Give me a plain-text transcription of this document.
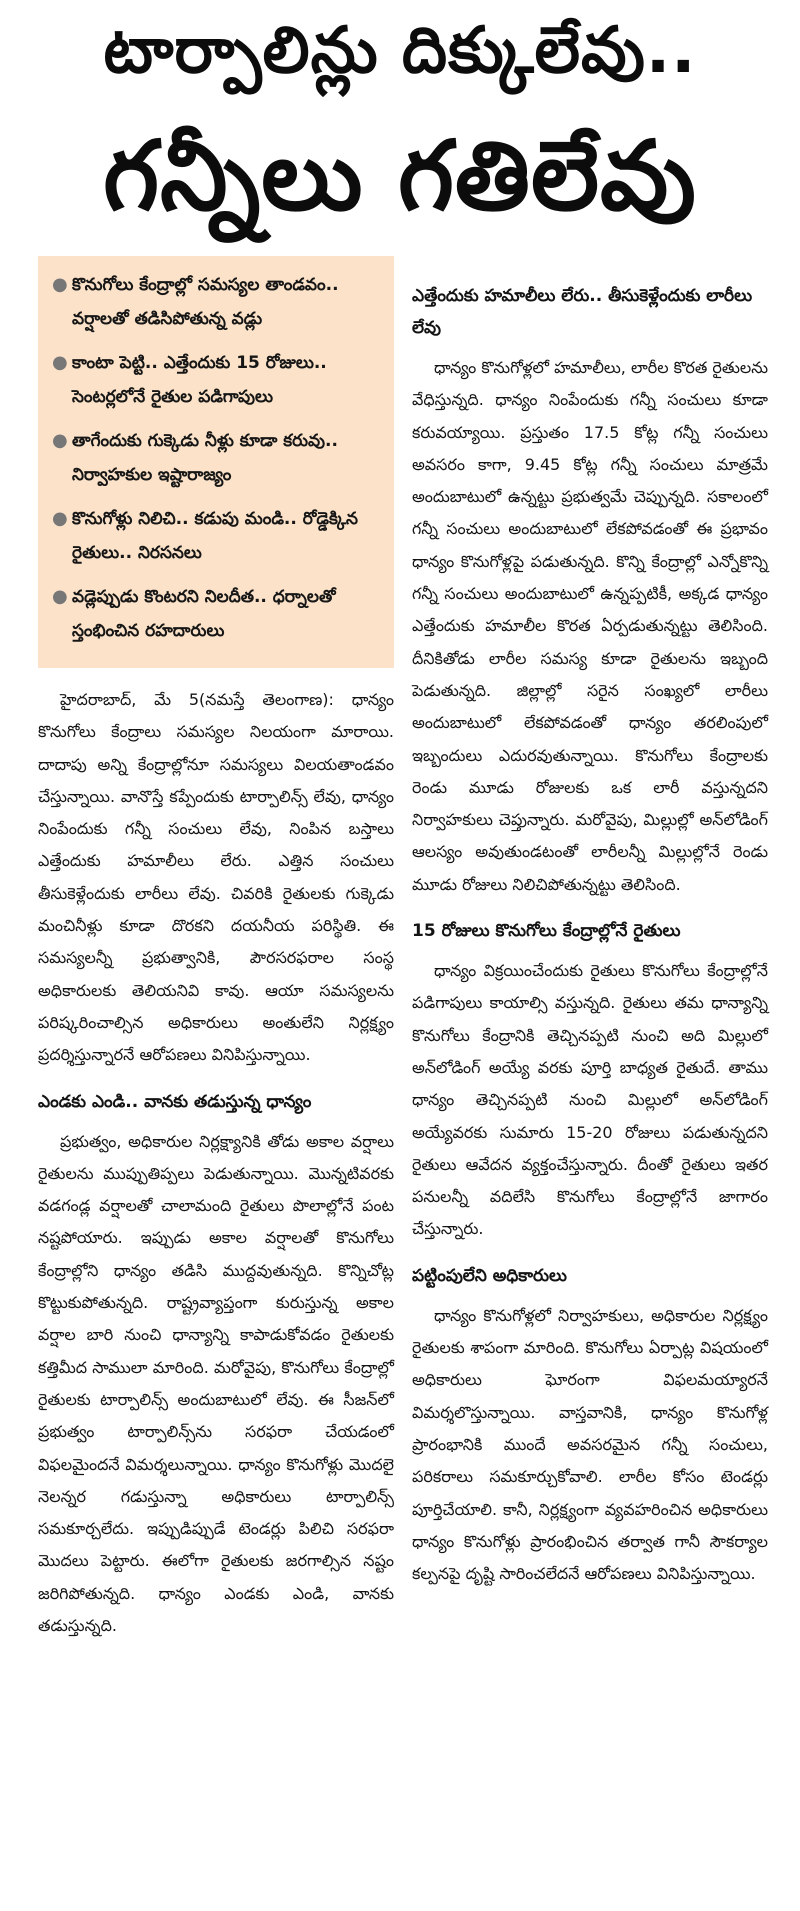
టార్పాలిన్లు దిక్కులేవు..
గన్నీలు గతిలేవు
● కొనుగోలు కేంద్రాల్లో సమస్యల తాండవం.. వర్షాలతో తడిసిపోతున్న వడ్లు
● కాంటా పెట్టి.. ఎత్తేందుకు 15 రోజులు.. సెంటర్లలోనే రైతుల పడిగాపులు
● తాగేందుకు గుక్కెడు నీళ్లు కూడా కరువు.. నిర్వాహకుల ఇష్టారాజ్యం
● కొనుగోళ్లు నిలిచి.. కడుపు మండి.. రోడ్డెక్కిన రైతులు.. నిరసనలు
● వడ్లెప్పుడు కొంటరని నిలదీత.. ధర్నాలతో స్తంభించిన రహదారులు

హైదరాబాద్, మే 5(నమస్తే తెలంగాణ): ధాన్యం కొనుగోలు కేంద్రాలు సమస్యల నిలయంగా మారాయి. దాదాపు అన్ని కేంద్రాల్లోనూ సమస్యలు విలయతాండవం చేస్తున్నాయి. వానొస్తే కప్పేందుకు టార్పాలిన్స్ లేవు, ధాన్యం నింపేందుకు గన్నీ సంచులు లేవు, నింపిన బస్తాలు ఎత్తేందుకు హమాలీలు లేరు. ఎత్తిన సంచులు తీసుకెళ్లేందుకు లారీలు లేవు. చివరికి రైతులకు గుక్కెడు మంచినీళ్లు కూడా దొరకని దయనీయ పరిస్థితి. ఈ సమస్యలన్నీ ప్రభుత్వానికి, పౌరసరఫరాల సంస్థ అధికారులకు తెలియనివి కావు. ఆయా సమస్యలను పరిష్కరించాల్సిన అధికారులు అంతులేని నిర్లక్ష్యం ప్రదర్శిస్తున్నారనే ఆరోపణలు వినిపిస్తున్నాయి.

ఎండకు ఎండి.. వానకు తడుస్తున్న ధాన్యం

ప్రభుత్వం, అధికారుల నిర్లక్ష్యానికి తోడు అకాల వర్షాలు రైతులను ముప్పుతిప్పలు పెడుతున్నాయి. మొన్నటివరకు వడగండ్ల వర్షాలతో చాలామంది రైతులు పొలాల్లోనే పంట నష్టపోయారు. ఇప్పుడు అకాల వర్షాలతో కొనుగోలు కేంద్రాల్లోని ధాన్యం తడిసి ముద్దవుతున్నది. కొన్నిచోట్ల కొట్టుకుపోతున్నది. రాష్ట్రవ్యాప్తంగా కురుస్తున్న అకాల వర్షాల బారి నుంచి ధాన్యాన్ని కాపాడుకోవడం రైతులకు కత్తిమీద సాములా మారింది. మరోవైపు, కొనుగోలు కేంద్రాల్లో రైతులకు టార్పాలిన్స్ అందుబాటులో లేవు. ఈ సీజన్‌లో ప్రభుత్వం టార్పాలిన్స్‌ను సరఫరా చేయడంలో విఫలమైందనే విమర్శలున్నాయి. ధాన్యం కొనుగోళ్లు మొదలై నెలన్నర గడుస్తున్నా అధికారులు టార్పాలిన్స్ సమకూర్చలేదు. ఇప్పుడిప్పుడే టెండర్లు పిలిచి సరఫరా మొదలు పెట్టారు. ఈలోగా రైతులకు జరగాల్సిన నష్టం జరిగిపోతున్నది. ధాన్యం ఎండకు ఎండి, వానకు తడుస్తున్నది.

ఎత్తేందుకు హమాలీలు లేరు.. తీసుకెళ్లేందుకు లారీలు లేవు

ధాన్యం కొనుగోళ్లలో హమాలీలు, లారీల కొరత రైతులను వేధిస్తున్నది. ధాన్యం నింపేందుకు గన్నీ సంచులు కూడా కరువయ్యాయి. ప్రస్తుతం 17.5 కోట్ల గన్నీ సంచులు అవసరం కాగా, 9.45 కోట్ల గన్నీ సంచులు మాత్రమే అందుబాటులో ఉన్నట్టు ప్రభుత్వమే చెప్పున్నది. సకాలంలో గన్నీ సంచులు అందుబాటులో లేకపోవడంతో ఈ ప్రభావం ధాన్యం కొనుగోళ్లపై పడుతున్నది. కొన్ని కేంద్రాల్లో ఎన్నోకొన్ని గన్నీ సంచులు అందుబాటులో ఉన్నప్పటికీ, అక్కడ ధాన్యం ఎత్తేందుకు హమాలీల కొరత ఏర్పడుతున్నట్టు తెలిసింది. దీనికితోడు లారీల సమస్య కూడా రైతులను ఇబ్బంది పెడుతున్నది. జిల్లాల్లో సరైన సంఖ్యలో లారీలు అందుబాటులో లేకపోవడంతో ధాన్యం తరలింపులో ఇబ్బందులు ఎదురవుతున్నాయి. కొనుగోలు కేంద్రాలకు రెండు మూడు రోజులకు ఒక లారీ వస్తున్నదని నిర్వాహకులు చెప్తున్నారు. మరోవైపు, మిల్లుల్లో అన్‌లోడింగ్ ఆలస్యం అవుతుండటంతో లారీలన్నీ మిల్లుల్లోనే రెండు మూడు రోజులు నిలిచిపోతున్నట్టు తెలిసింది.

15 రోజులు కొనుగోలు కేంద్రాల్లోనే రైతులు

ధాన్యం విక్రయించేందుకు రైతులు కొనుగోలు కేంద్రాల్లోనే పడిగాపులు కాయాల్సి వస్తున్నది. రైతులు తమ ధాన్యాన్ని కొనుగోలు కేంద్రానికి తెచ్చినప్పటి నుంచి అది మిల్లులో అన్‌లోడింగ్ అయ్యే వరకు పూర్తి బాధ్యత రైతుదే. తాము ధాన్యం తెచ్చినప్పటి నుంచి మిల్లులో అన్‌లోడింగ్ అయ్యేవరకు సుమారు 15-20 రోజులు పడుతున్నదని రైతులు ఆవేదన వ్యక్తంచేస్తున్నారు. దీంతో రైతులు ఇతర పనులన్నీ వదిలేసి కొనుగోలు కేంద్రాల్లోనే జాగారం చేస్తున్నారు.

పట్టింపులేని అధికారులు

ధాన్యం కొనుగోళ్లలో నిర్వాహకులు, అధికారుల నిర్లక్ష్యం రైతులకు శాపంగా మారింది. కొనుగోలు ఏర్పాట్ల విషయంలో అధికారులు ఘోరంగా విఫలమయ్యారనే విమర్శలొస్తున్నాయి. వాస్తవానికి, ధాన్యం కొనుగోళ్ల ప్రారంభానికి ముందే అవసరమైన గన్నీ సంచులు, పరికరాలు సమకూర్చుకోవాలి. లారీల కోసం టెండర్లు పూర్తిచేయాలి. కానీ, నిర్లక్ష్యంగా వ్యవహరించిన అధికారులు ధాన్యం కొనుగోళ్లు ప్రారంభించిన తర్వాత గానీ సౌకర్యాల కల్పనపై దృష్టి సారించలేదనే ఆరోపణలు వినిపిస్తున్నాయి.
